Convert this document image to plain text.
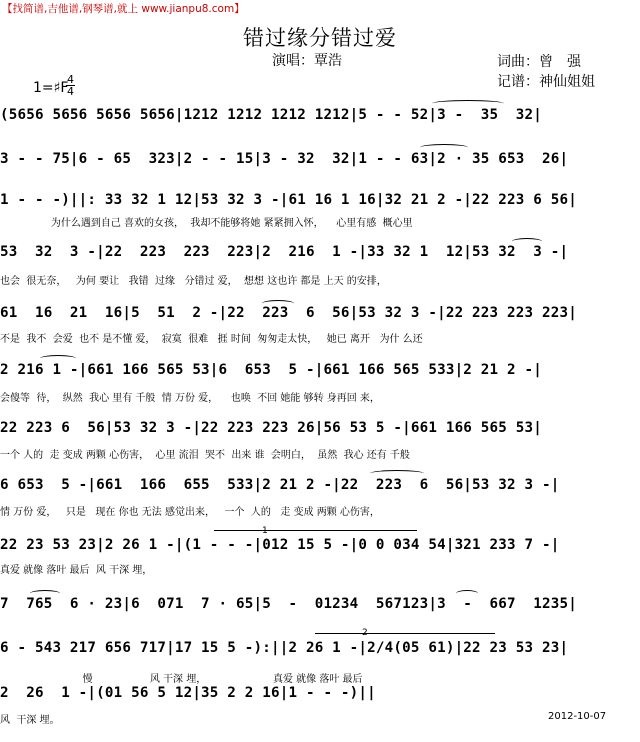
【找简谱,吉他谱,钢琴谱,就上 www.jianpu8.com】
错过缘分错过爱
演唱：覃浩	词曲：曾　强
记谱：神仙姐姐
1=♯F
4
4
(5656 5656 5656 5656|1212 1212 1212 1212|5 - - 52|3 -  35  32|
3 - - 75|6 - 65  323|2 - - 15|3 - 32  32|1 - - 63|2 · 35 653  26|
1 - - -)||: 33 32 1 12|53 32 3 -|61 16 1 16|32 21 2 -|22 223 6 56|
为什么遇到自己 喜欢的女孩，  我却不能够将她 紧紧拥入怀，    心里有感  概心里
53  32  3 -|22  223  223  223|2  216  1 -|33 32 1  12|53 32  3 -|
也会  很无奈，   为何 要让   我错  过缘   分错过 爱，  想想 这也许 都是 上天 的安排，
61  16  21  16|5  51  2 -|22  223  6  56|53 32 3 -|22 223 223 223|
不是  我不  会爱  也不 是不懂 爱，  寂寞  很难   捱 时间  匆匆走太快，   她已 离开   为什 么还
2 216 1 -|661 166 565 53|6  653  5 -|661 166 565 533|2 21 2 -|
会傻等  待，  纵然  我心 里有 千般  情 万份 爱，    也唤  不回 她能 够转 身再回 来，
22 223 6  56|53 32 3 -|22 223 223 26|56 53 5 -|661 166 565 53|
一个 人的  走 变成 两颗 心伤害，  心里 流泪  哭不  出来 谁  会明白，  虽然  我心 还有 千般
6 653  5 -|661  166  655  533|2 21 2 -|22  223  6  56|53 32 3 -|
情 万份 爱，   只是   现在 你也 无法 感觉出来，   一个  人的   走 变成 两颗 心伤害，
1
22 23 53 23|2 26 1 -|(1 - - -|012 15 5 -|0 0 034 54|321 233 7 -|
真爱 就像 落叶 最后  风 干深 埋，
7  765  6 · 23|6  071  7 · 65|5  -  01234  567123|3  -  667  1235|
2
6 - 543 217 656 717|17 15 5 -):||2 26 1 -|2/4(05 61)|22 23 53 23|
慢                  风 干深 埋，                     真爱 就像 落叶 最后
2  26  1 -|(01 56 5 12|35 2 2 16|1 - - -)||
风  干深 埋。	2012-10-07
